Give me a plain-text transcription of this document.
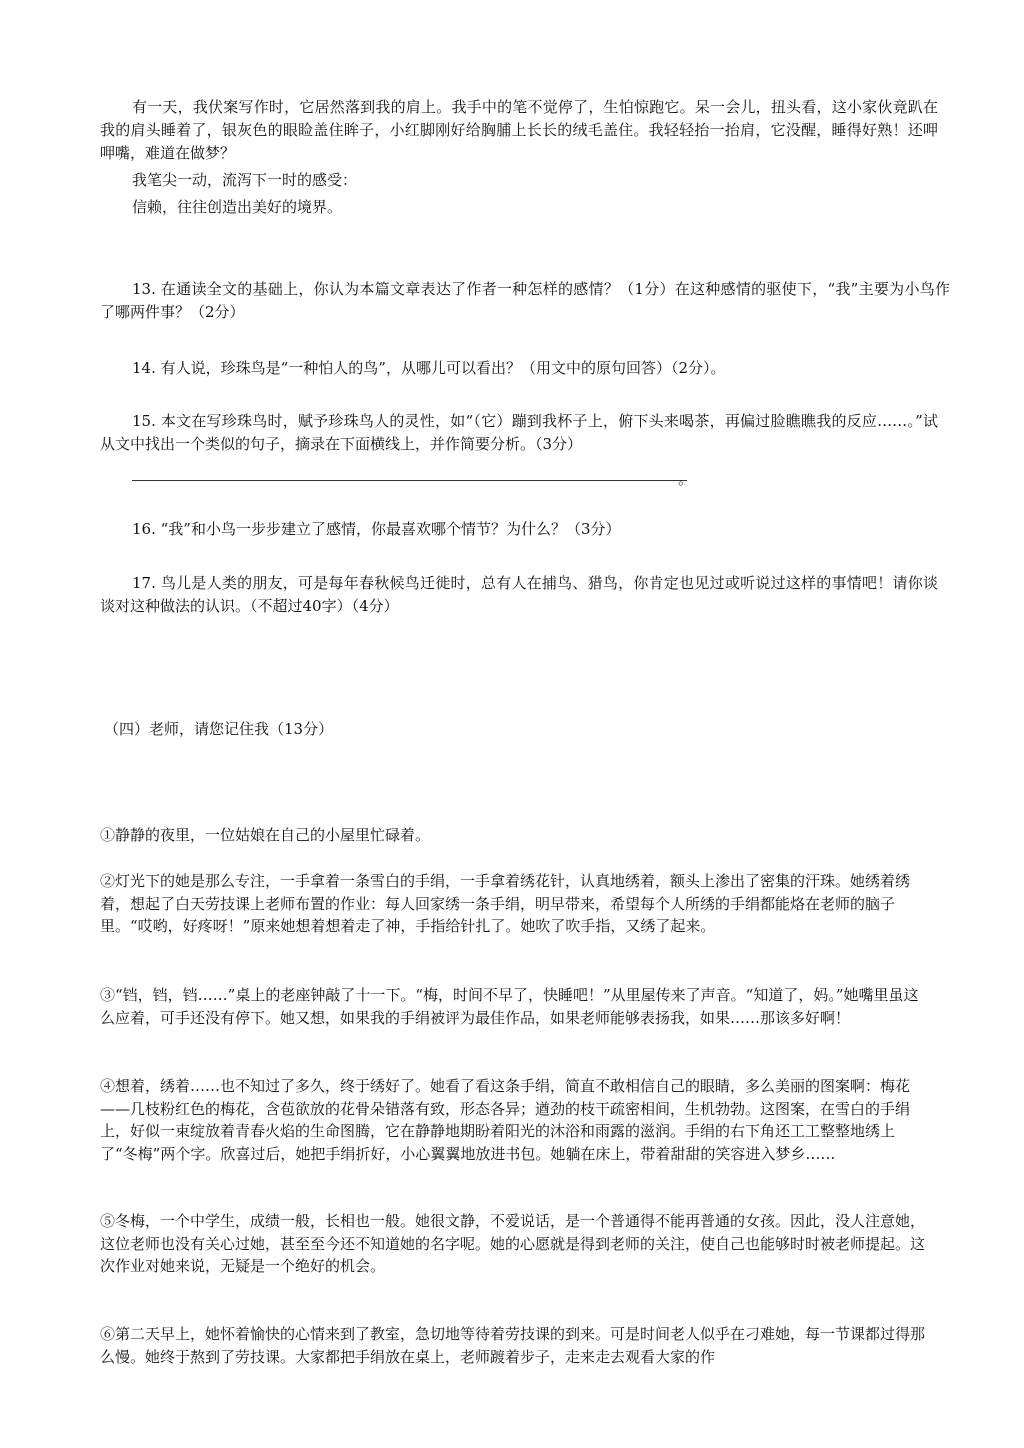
有一天，我伏案写作时，它居然落到我的肩上。我手中的笔不觉停了，生怕惊跑它。呆一会儿，扭头看，这小家伙竟趴在我的肩头睡着了，银灰色的眼睑盖住眸子，小红脚刚好给胸脯上长长的绒毛盖住。我轻轻抬一抬肩，它没醒，睡得好熟！还呷呷嘴，难道在做梦？

我笔尖一动，流泻下一时的感受：

信赖，往往创造出美好的境界。

13. 在通读全文的基础上，你认为本篇文章表达了作者一种怎样的感情？（1分）在这种感情的驱使下，“我”主要为小鸟作了哪两件事？（2分）

14. 有人说，珍珠鸟是“一种怕人的鸟”，从哪儿可以看出？（用文中的原句回答）（2分）。

15. 本文在写珍珠鸟时，赋予珍珠鸟人的灵性，如“（它）蹦到我杯子上，俯下头来喝茶，再偏过脸瞧瞧我的反应……。”试从文中找出一个类似的句子，摘录在下面横线上，并作简要分析。（3分）

。

16. “我”和小鸟一步步建立了感情，你最喜欢哪个情节？为什么？（3分）

17. 鸟儿是人类的朋友，可是每年春秋候鸟迁徙时，总有人在捕鸟、猎鸟，你肯定也见过或听说过这样的事情吧！请你谈谈对这种做法的认识。（不超过40字）（4分）

（四）老师，请您记住我（13分）

①静静的夜里，一位姑娘在自己的小屋里忙碌着。

②灯光下的她是那么专注，一手拿着一条雪白的手绢，一手拿着绣花针，认真地绣着，额头上渗出了密集的汗珠。她绣着绣着，想起了白天劳技课上老师布置的作业：每人回家绣一条手绢，明早带来，希望每个人所绣的手绢都能烙在老师的脑子里。“哎哟，好疼呀！”原来她想着想着走了神，手指给针扎了。她吹了吹手指，又绣了起来。

③“铛，铛，铛……”桌上的老座钟敲了十一下。“梅，时间不早了，快睡吧！”从里屋传来了声音。“知道了，妈。”她嘴里虽这么应着，可手还没有停下。她又想，如果我的手绢被评为最佳作品，如果老师能够表扬我，如果……那该多好啊！

④想着，绣着……也不知过了多久，终于绣好了。她看了看这条手绢，简直不敢相信自己的眼睛，多么美丽的图案啊：梅花——几枝粉红色的梅花，含苞欲放的花骨朵错落有致，形态各异；遒劲的枝干疏密相间，生机勃勃。这图案，在雪白的手绢上，好似一束绽放着青春火焰的生命图腾，它在静静地期盼着阳光的沐浴和雨露的滋润。手绢的右下角还工工整整地绣上了“冬梅”两个字。欣喜过后，她把手绢折好，小心翼翼地放进书包。她躺在床上，带着甜甜的笑容进入梦乡……

⑤冬梅，一个中学生，成绩一般，长相也一般。她很文静，不爱说话，是一个普通得不能再普通的女孩。因此，没人注意她，这位老师也没有关心过她，甚至至今还不知道她的名字呢。她的心愿就是得到老师的关注，使自己也能够时时被老师提起。这次作业对她来说，无疑是一个绝好的机会。

⑥第二天早上，她怀着愉快的心情来到了教室，急切地等待着劳技课的到来。可是时间老人似乎在刁难她，每一节课都过得那么慢。她终于熬到了劳技课。大家都把手绢放在桌上，老师踱着步子，走来走去观看大家的作
